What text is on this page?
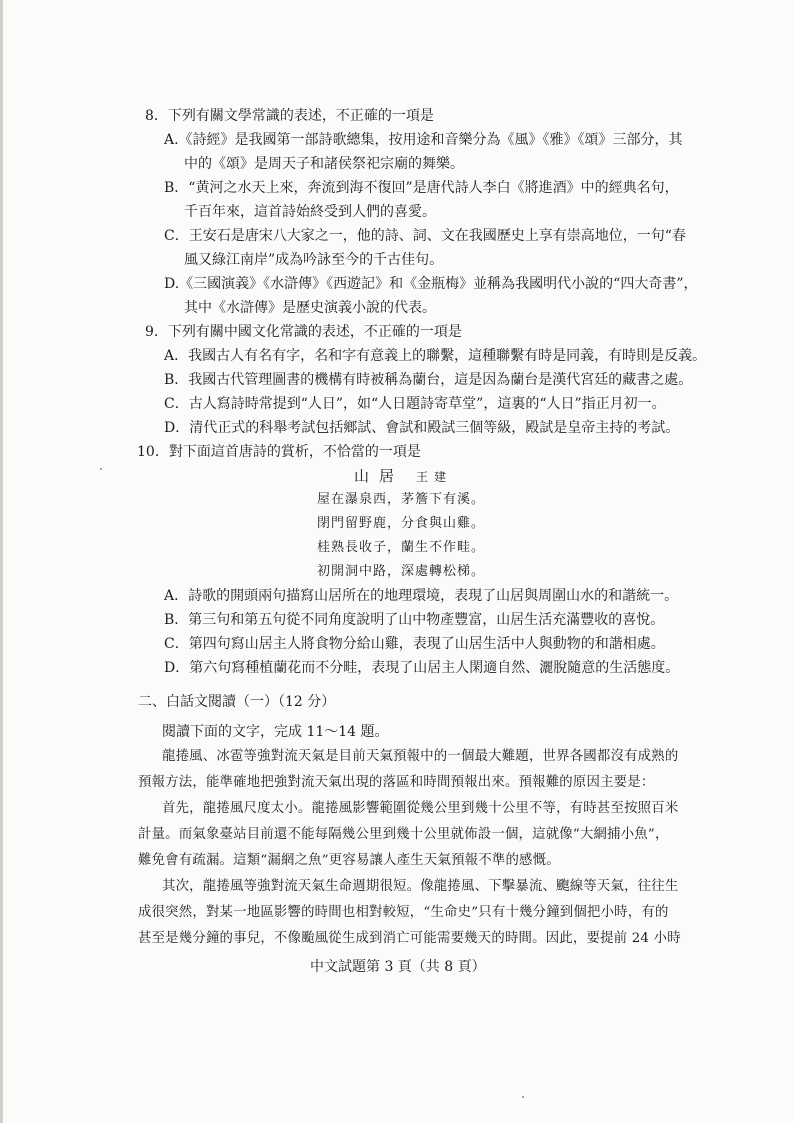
8．下列有關文學常識的表述，不正確的一項是
A.《詩經》是我國第一部詩歌總集，按用途和音樂分為《風》《雅》《頌》三部分，其
中的《頌》是周天子和諸侯祭祀宗廟的舞樂。
B．“黄河之水天上來，奔流到海不復回”是唐代詩人李白《將進酒》中的經典名句，
千百年來，這首詩始終受到人們的喜愛。
C．王安石是唐宋八大家之一，他的詩、詞、文在我國歷史上享有崇高地位，一句“春
風又綠江南岸”成為吟詠至今的千古佳句。
D.《三國演義》《水滸傳》《西遊記》和《金瓶梅》並稱為我國明代小說的“四大奇書”，
其中《水滸傳》是歷史演義小說的代表。
9．下列有關中國文化常識的表述，不正確的一項是
A．我國古人有名有字，名和字有意義上的聯繫，這種聯繫有時是同義，有時則是反義。
B．我國古代管理圖書的機構有時被稱為蘭台，這是因為蘭台是漢代宮廷的藏書之處。
C．古人寫詩時常提到“人日”，如“人日題詩寄草堂”，這裏的“人日”指正月初一。
D．清代正式的科舉考試包括鄉試、會試和殿試三個等級，殿試是皇帝主持的考試。
10．對下面這首唐詩的賞析，不恰當的一項是
山居 王建
屋在瀑泉西，茅簷下有溪。
閉門留野鹿，分食與山雞。
桂熟長收子，蘭生不作畦。
初開洞中路，深處轉松梯。
A．詩歌的開頭兩句描寫山居所在的地理環境，表現了山居與周圍山水的和諧統一。
B．第三句和第五句從不同角度說明了山中物產豐富，山居生活充滿豐收的喜悅。
C．第四句寫山居主人將食物分給山雞，表現了山居生活中人與動物的和諧相處。
D．第六句寫種植蘭花而不分畦，表現了山居主人閑適自然、灑脫隨意的生活態度。
二、白話文閱讀（一）（12 分）
閱讀下面的文字，完成 11～14 題。
龍捲風、冰雹等強對流天氣是目前天氣預報中的一個最大難題，世界各國都沒有成熟的
預報方法，能準確地把強對流天氣出現的落區和時間預報出來。預報難的原因主要是：
首先，龍捲風尺度太小。龍捲風影響範圍從幾公里到幾十公里不等，有時甚至按照百米
計量。而氣象臺站目前還不能每隔幾公里到幾十公里就佈設一個，這就像“大網捕小魚”，
難免會有疏漏。這類“漏網之魚”更容易讓人產生天氣預報不準的感慨。
其次，龍捲風等強對流天氣生命週期很短。像龍捲風、下擊暴流、颮線等天氣，往往生
成很突然，對某一地區影響的時間也相對較短，“生命史”只有十幾分鐘到個把小時，有的
甚至是幾分鐘的事兒，不像颱風從生成到消亡可能需要幾天的時間。因此，要提前 24 小時
中文試題第 3 頁（共 8 頁）
